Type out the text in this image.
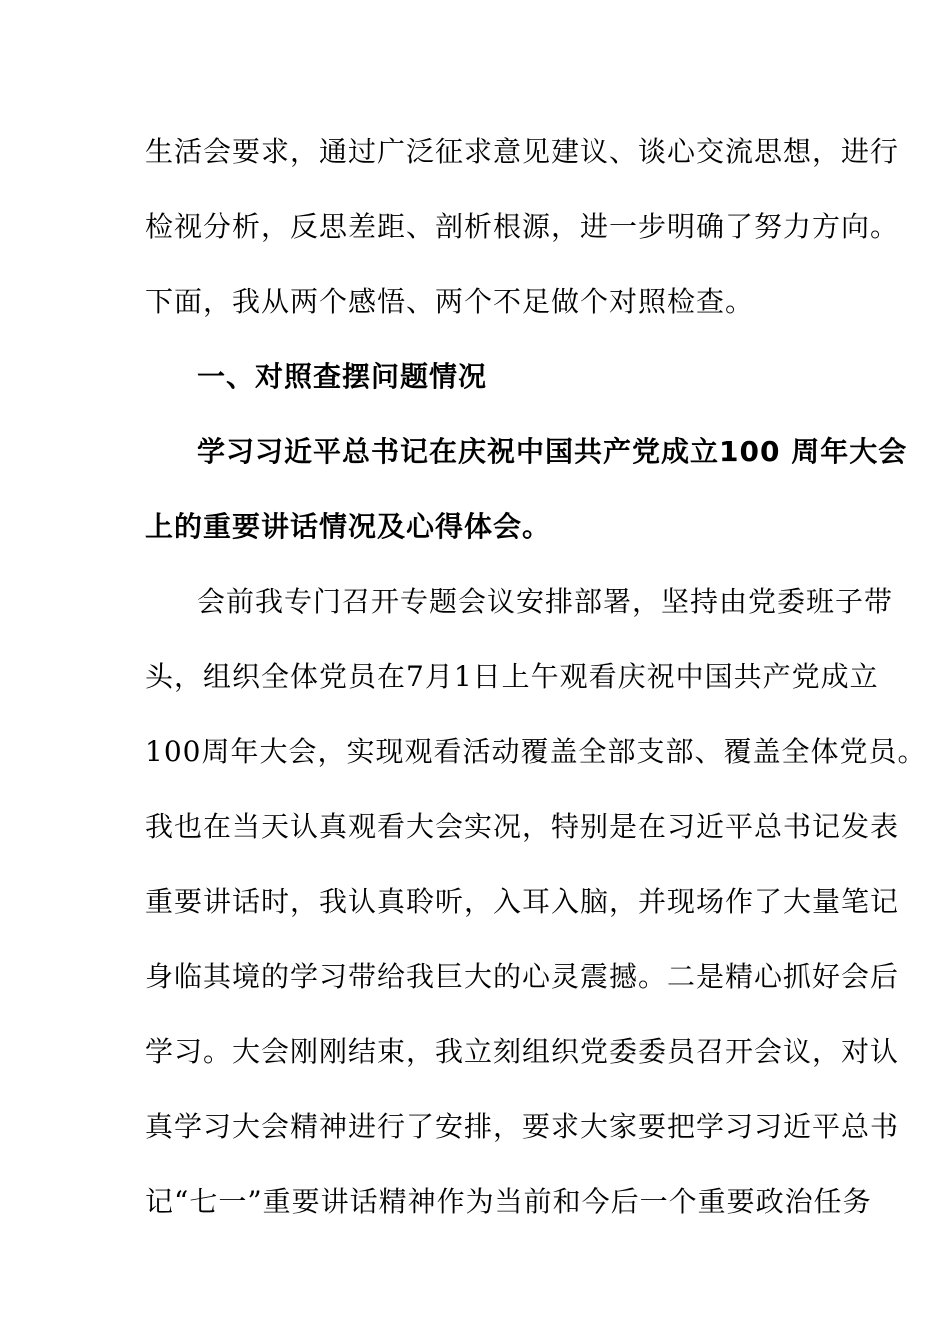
生活会要求，通过广泛征求意见建议、谈心交流思想，进行
检视分析，反思差距、剖析根源，进一步明确了努力方向。
下面，我从两个感悟、两个不足做个对照检查。
一、对照查摆问题情况
学习习近平总书记在庆祝中国共产党成立100 周年大会
上的重要讲话情况及心得体会。
会前我专门召开专题会议安排部署，坚持由党委班子带
头，组织全体党员在7月1日上午观看庆祝中国共产党成立
100周年大会，实现观看活动覆盖全部支部、覆盖全体党员。
我也在当天认真观看大会实况，特别是在习近平总书记发表
重要讲话时，我认真聆听，入耳入脑，并现场作了大量笔记
身临其境的学习带给我巨大的心灵震撼。二是精心抓好会后
学习。大会刚刚结束，我立刻组织党委委员召开会议，对认
真学习大会精神进行了安排，要求大家要把学习习近平总书
记“七一”重要讲话精神作为当前和今后一个重要政治任务
